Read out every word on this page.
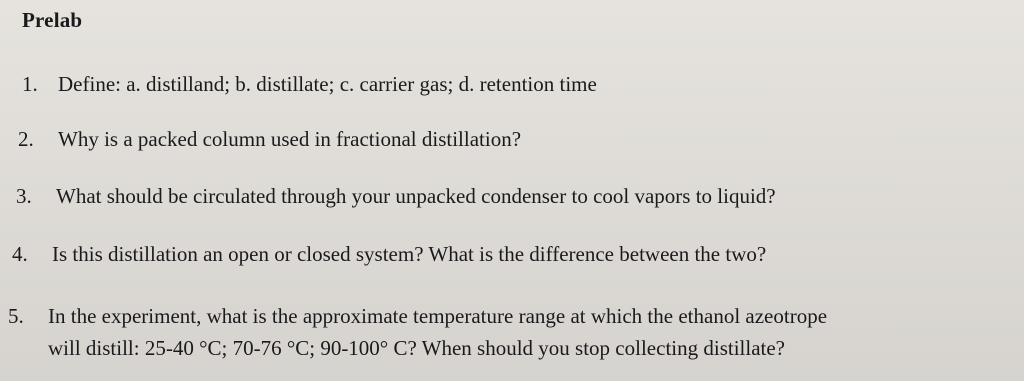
Prelab
1. Define: a. distilland; b. distillate; c. carrier gas; d. retention time
2. Why is a packed column used in fractional distillation?
3. What should be circulated through your unpacked condenser to cool vapors to liquid?
4. Is this distillation an open or closed system? What is the difference between the two?
5. In the experiment, what is the approximate temperature range at which the ethanol azeotrope
will distill: 25-40 °C; 70-76 °C; 90-100° C? When should you stop collecting distillate?
